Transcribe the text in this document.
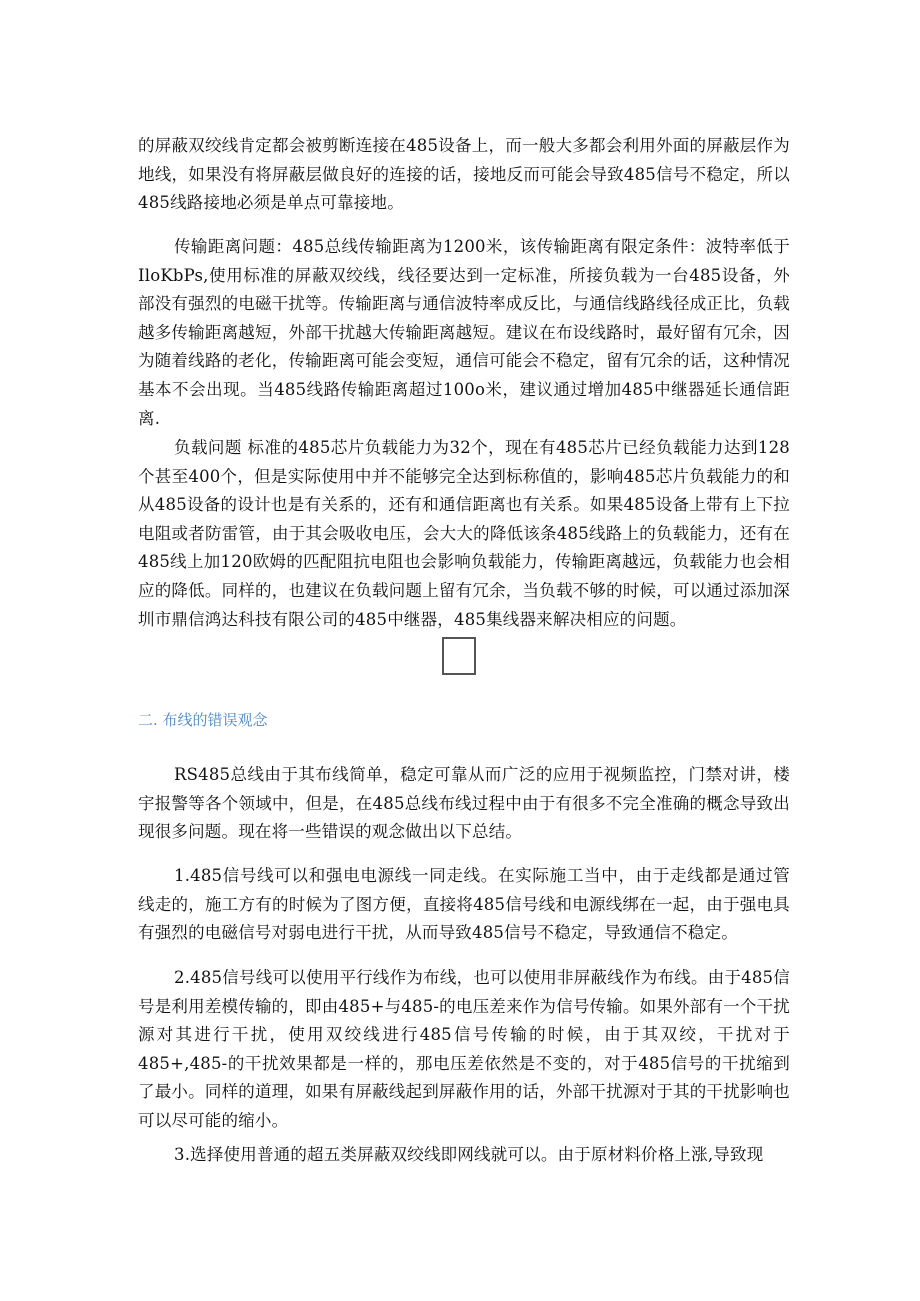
的屏蔽双绞线肯定都会被剪断连接在485设备上，而一般大多都会利用外面的屏蔽层作为地线，如果没有将屏蔽层做良好的连接的话，接地反而可能会导致485信号不稳定，所以485线路接地必须是单点可靠接地。

传输距离问题：485总线传输距离为1200米，该传输距离有限定条件：波特率低于IloKbPs,使用标准的屏蔽双绞线，线径要达到一定标准，所接负载为一台485设备，外部没有强烈的电磁干扰等。传输距离与通信波特率成反比，与通信线路线径成正比，负载越多传输距离越短，外部干扰越大传输距离越短。建议在布设线路时，最好留有冗余，因为随着线路的老化，传输距离可能会变短，通信可能会不稳定，留有冗余的话，这种情况基本不会出现。当485线路传输距离超过100o米，建议通过增加485中继器延长通信距离.

负载问题 标准的485芯片负载能力为32个，现在有485芯片已经负载能力达到128个甚至400个，但是实际使用中并不能够完全达到标称值的，影响485芯片负载能力的和从485设备的设计也是有关系的，还有和通信距离也有关系。如果485设备上带有上下拉电阻或者防雷管，由于其会吸收电压，会大大的降低该条485线路上的负载能力，还有在485线上加120欧姆的匹配阻抗电阻也会影响负载能力，传输距离越远，负载能力也会相应的降低。同样的，也建议在负载问题上留有冗余，当负载不够的时候，可以通过添加深圳市鼎信鸿达科技有限公司的485中继器，485集线器来解决相应的问题。

二. 布线的错误观念

RS485总线由于其布线简单，稳定可靠从而广泛的应用于视频监控，门禁对讲，楼宇报警等各个领域中，但是，在485总线布线过程中由于有很多不完全准确的概念导致出现很多问题。现在将一些错误的观念做出以下总结。

1.485信号线可以和强电电源线一同走线。在实际施工当中，由于走线都是通过管线走的，施工方有的时候为了图方便，直接将485信号线和电源线绑在一起，由于强电具有强烈的电磁信号对弱电进行干扰，从而导致485信号不稳定，导致通信不稳定。

2.485信号线可以使用平行线作为布线，也可以使用非屏蔽线作为布线。由于485信号是利用差模传输的，即由485+与485-的电压差来作为信号传输。如果外部有一个干扰源对其进行干扰，使用双绞线进行485信号传输的时候，由于其双绞，干扰对于485+,485-的干扰效果都是一样的，那电压差依然是不变的，对于485信号的干扰缩到了最小。同样的道理，如果有屏蔽线起到屏蔽作用的话，外部干扰源对于其的干扰影响也可以尽可能的缩小。

3.选择使用普通的超五类屏蔽双绞线即网线就可以。由于原材料价格上涨,导致现
